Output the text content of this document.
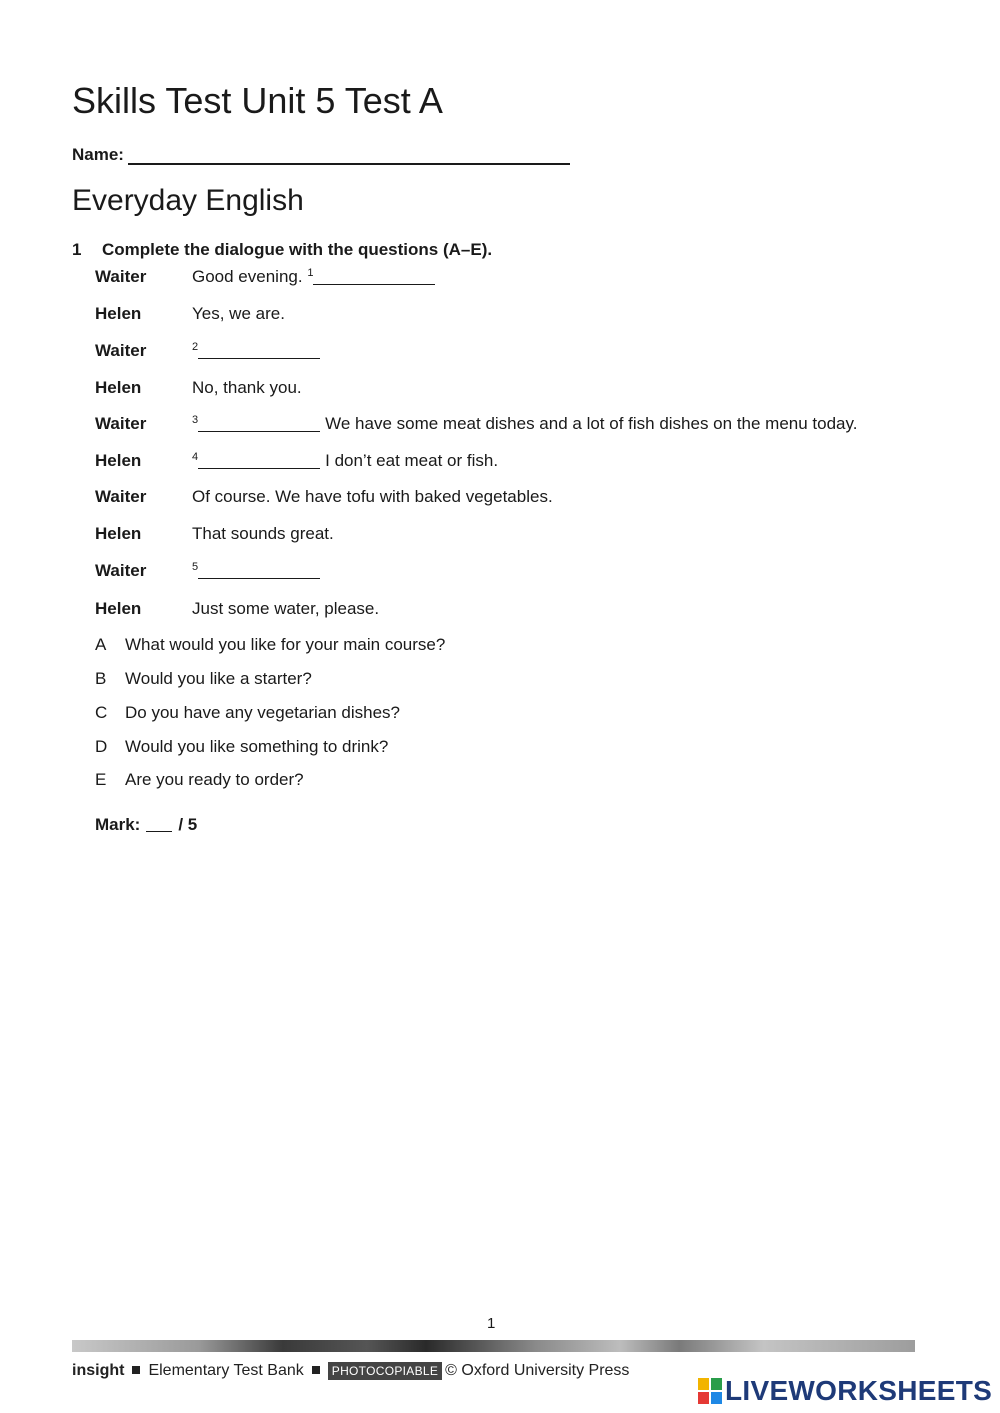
Skills Test Unit 5 Test A
Name:
Everyday English
1 Complete the dialogue with the questions (A–E).
Waiter	Good evening. $^1$
Helen	Yes, we are.
Waiter	$^2$
Helen	No, thank you.
Waiter	$^3$	We have some meat dishes and a lot of fish dishes on the menu today.
Helen	$^4$	I don’t eat meat or fish.
Waiter	Of course. We have tofu with baked vegetables.
Helen	That sounds great.
Waiter	$^5$
Helen	Just some water, please.
A What would you like for your main course?
B Would you like a starter?
C Do you have any vegetarian dishes?
D Would you like something to drink?
E Are you ready to order?
Mark: / 5
1
insight Elementary Test Bank PHOTOCOPIABLE © Oxford University Press
LIVEWORKSHEETS
